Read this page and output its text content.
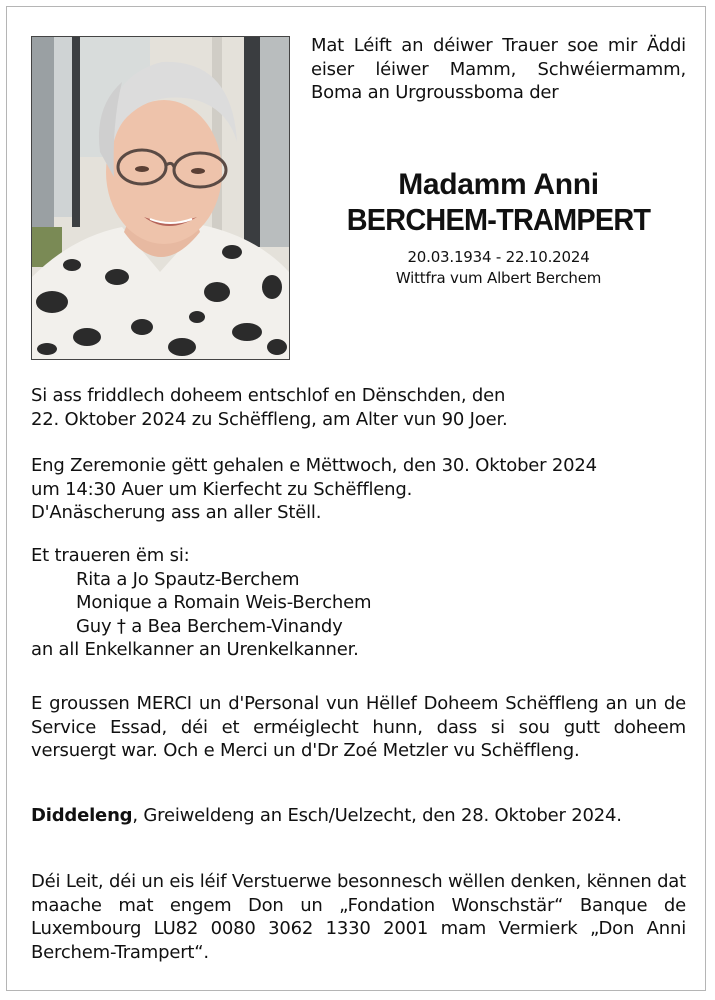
Mat Léift an déiwer Trauer soe mir Äddi eiser léiwer Mamm, Schwéiermamm, Boma an Urgroussboma der
Madamm Anni
BERCHEM-TRAMPERT
20.03.1934 - 22.10.2024
Wittfra vum Albert Berchem

Si ass friddlech doheem entschlof en Dënschden, den

22. Oktober 2024 zu Schëffleng, am Alter vun 90 Joer.

Eng Zeremonie gëtt gehalen e Mëttwoch, den 30. Oktober 2024

um 14:30 Auer um Kierfecht zu Schëffleng.

D'Anäscherung ass an aller Stëll.

Et traueren ëm si:

Rita a Jo Spautz-Berchem

Monique a Romain Weis-Berchem

Guy † a Bea Berchem-Vinandy

an all Enkelkanner an Urenkelkanner.

E groussen MERCI un d'Personal vun Hëllef Doheem Schëffleng an un de Service Essad, déi et erméiglecht hunn, dass si sou gutt doheem versuergt war. Och e Merci un d'Dr Zoé Metzler vu Schëffleng.

Diddeleng, Greiweldeng an Esch/Uelzecht, den 28. Oktober 2024.

Déi Leit, déi un eis léif Verstuerwe besonnesch wëllen denken, kënnen dat maache mat engem Don un „Fondation Wonschstär“ Banque de Luxembourg LU82 0080 3062 1330 2001 mam Vermierk „Don Anni Berchem-Trampert“.
